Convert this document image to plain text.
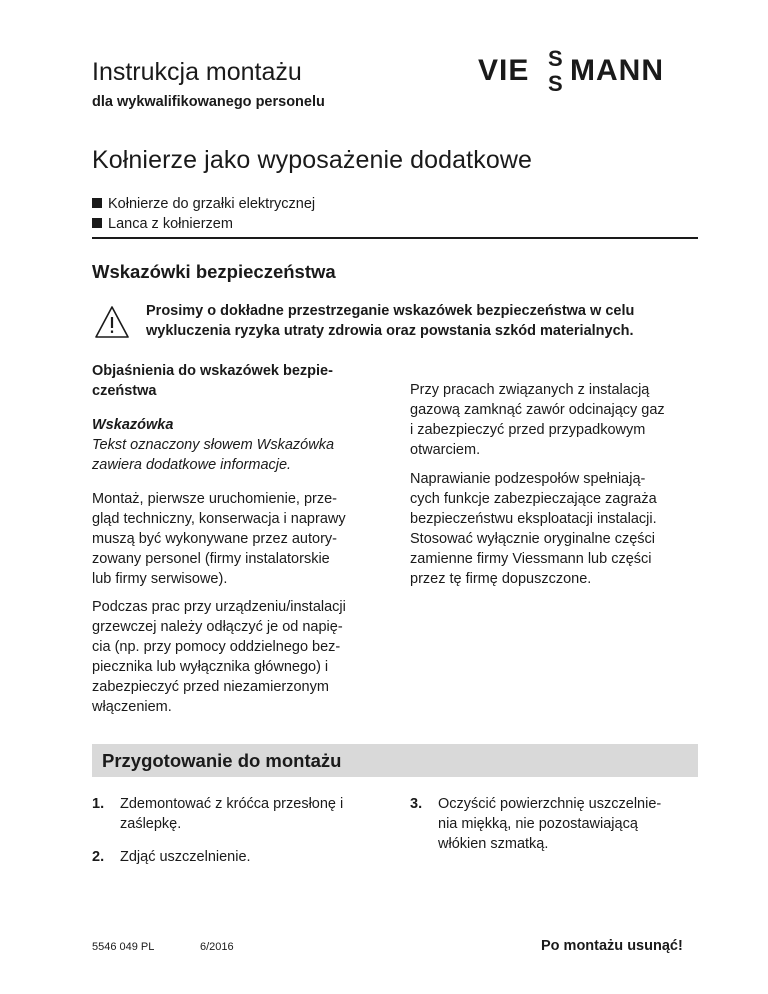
Instrukcja montażu
dla wykwalifikowanego personelu
VIE S
S MANN
Kołnierze jako wyposażenie dodatkowe
Kołnierze do grzałki elektrycznej
Lanca z kołnierzem
Wskazówki bezpieczeństwa
Prosimy o dokładne przestrzeganie wskazówek bezpieczeństwa w celu
wykluczenia ryzyka utraty zdrowia oraz powstania szkód materialnych.
Objaśnienia do wskazówek bezpie-
czeństwa
Wskazówka
Tekst oznaczony słowem Wskazówka
zawiera dodatkowe informacje.
Montaż, pierwsze uruchomienie, prze-
gląd techniczny, konserwacja i naprawy
muszą być wykonywane przez autory-
zowany personel (firmy instalatorskie
lub firmy serwisowe).
Podczas prac przy urządzeniu/instalacji
grzewczej należy odłączyć je od napię-
cia (np. przy pomocy oddzielnego bez-
piecznika lub wyłącznika głównego) i
zabezpieczyć przed niezamierzonym
włączeniem.
Przy pracach związanych z instalacją
gazową zamknąć zawór odcinający gaz
i zabezpieczyć przed przypadkowym
otwarciem.
Naprawianie podzespołów spełniają-
cych funkcje zabezpieczające zagraża
bezpieczeństwu eksploatacji instalacji.
Stosować wyłącznie oryginalne części
zamienne firmy Viessmann lub części
przez tę firmę dopuszczone.
Przygotowanie do montażu
1. Zdemontować z króćca przesłonę i
zaślepkę.
2. Zdjąć uszczelnienie.
3. Oczyścić powierzchnię uszczelnie-
nia miękką, nie pozostawiającą
włókien szmatką.
5546 049 PL	6/2016	Po montażu usunąć!
